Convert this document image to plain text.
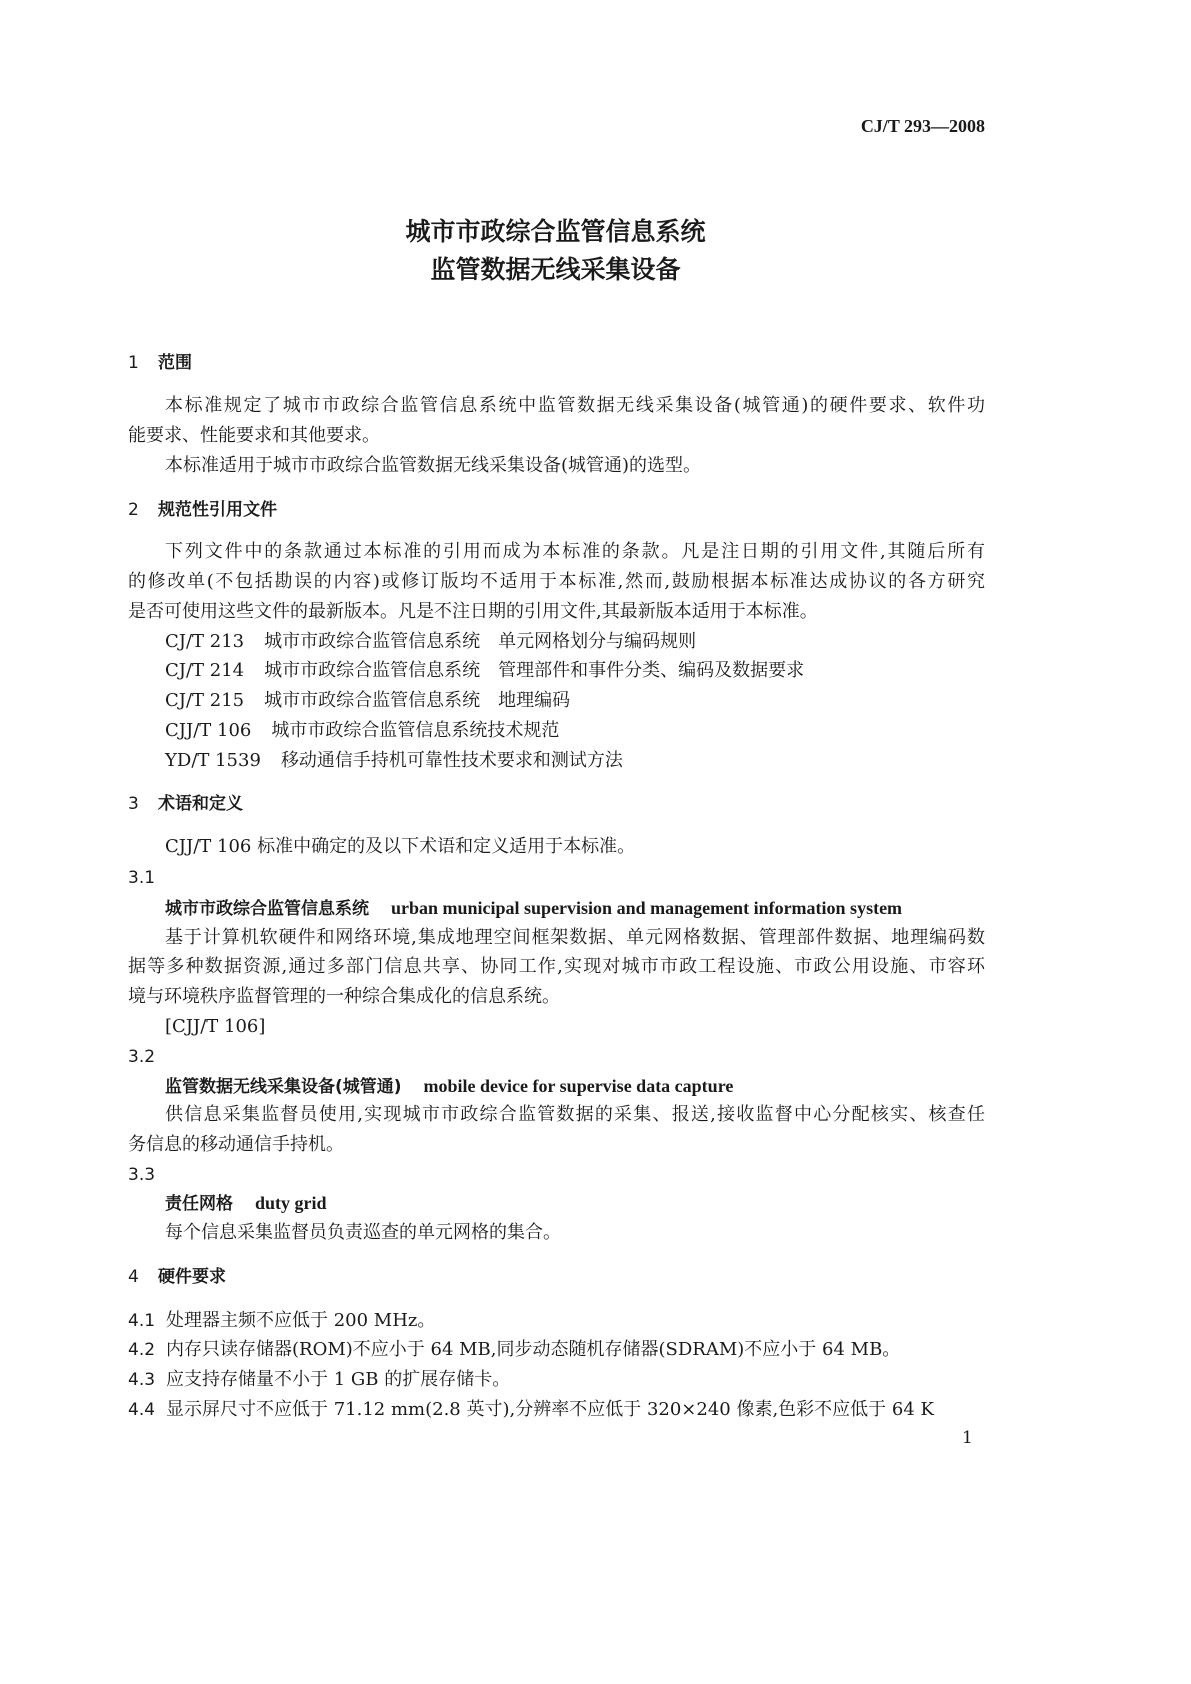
CJ/T 293—2008
城市市政综合监管信息系统
监管数据无线采集设备
1 范围
本标准规定了城市市政综合监管信息系统中监管数据无线采集设备(城管通)的硬件要求、软件功
能要求、性能要求和其他要求。
本标准适用于城市市政综合监管数据无线采集设备(城管通)的选型。
2 规范性引用文件
下列文件中的条款通过本标准的引用而成为本标准的条款。凡是注日期的引用文件,其随后所有
的修改单(不包括勘误的内容)或修订版均不适用于本标准,然而,鼓励根据本标准达成协议的各方研究
是否可使用这些文件的最新版本。凡是不注日期的引用文件,其最新版本适用于本标准。
CJ/T 213 城市市政综合监管信息系统　单元网格划分与编码规则
CJ/T 214 城市市政综合监管信息系统　管理部件和事件分类、编码及数据要求
CJ/T 215 城市市政综合监管信息系统　地理编码
CJJ/T 106 城市市政综合监管信息系统技术规范
YD/T 1539 移动通信手持机可靠性技术要求和测试方法
3 术语和定义
CJJ/T 106 标准中确定的及以下术语和定义适用于本标准。
3.1
城市市政综合监管信息系统 urban municipal supervision and management information system
基于计算机软硬件和网络环境,集成地理空间框架数据、单元网格数据、管理部件数据、地理编码数
据等多种数据资源,通过多部门信息共享、协同工作,实现对城市市政工程设施、市政公用设施、市容环
境与环境秩序监督管理的一种综合集成化的信息系统。
[CJJ/T 106]
3.2
监管数据无线采集设备(城管通) mobile device for supervise data capture
供信息采集监督员使用,实现城市市政综合监管数据的采集、报送,接收监督中心分配核实、核查任
务信息的移动通信手持机。
3.3
责任网格 duty grid
每个信息采集监督员负责巡查的单元网格的集合。
4 硬件要求
4.1 处理器主频不应低于 200 MHz。
4.2 内存只读存储器(ROM)不应小于 64 MB,同步动态随机存储器(SDRAM)不应小于 64 MB。
4.3 应支持存储量不小于 1 GB 的扩展存储卡。
4.4 显示屏尺寸不应低于 71.12 mm(2.8 英寸),分辨率不应低于 320×240 像素,色彩不应低于 64 K
1
